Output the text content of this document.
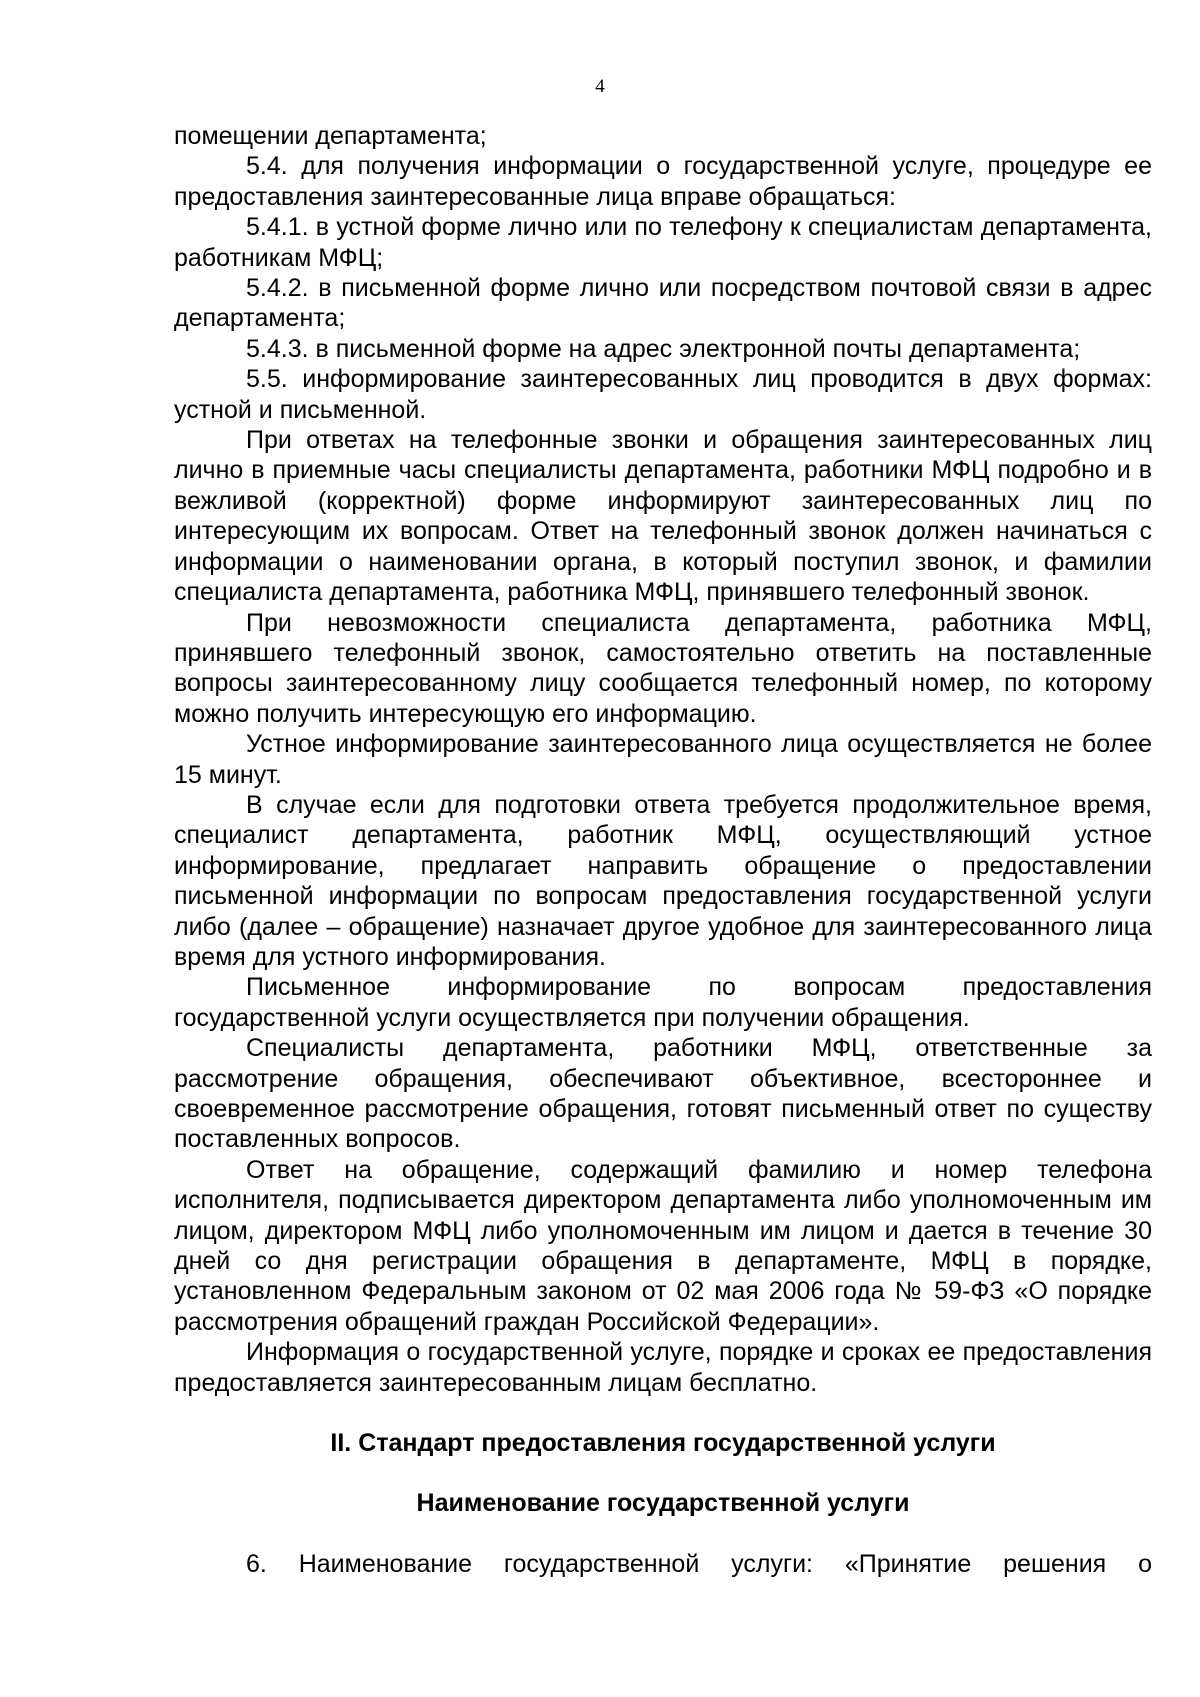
4

помещении департамента;

5.4. для получения информации о государственной услуге, процедуре ее предоставления заинтересованные лица вправе обращаться:

5.4.1. в устной форме лично или по телефону к специалистам департамента, работникам МФЦ;

5.4.2. в письменной форме лично или посредством почтовой связи в адрес департамента;

5.4.3. в письменной форме на адрес электронной почты департамента;

5.5. информирование заинтересованных лиц проводится в двух формах: устной и письменной.

При ответах на телефонные звонки и обращения заинтересованных лиц лично в приемные часы специалисты департамента, работники МФЦ подробно и в вежливой (корректной) форме информируют заинтересованных лиц по интересующим их вопросам. Ответ на телефонный звонок должен начинаться с информации о наименовании органа, в который поступил звонок, и фамилии специалиста департамента, работника МФЦ, принявшего телефонный звонок.

При невозможности специалиста департамента, работника МФЦ, принявшего телефонный звонок, самостоятельно ответить на поставленные вопросы заинтересованному лицу сообщается телефонный номер, по которому можно получить интересующую его информацию.

Устное информирование заинтересованного лица осуществляется не более 15 минут.

В случае если для подготовки ответа требуется продолжительное время, специалист департамента, работник МФЦ, осуществляющий устное информирование, предлагает направить обращение о предоставлении письменной информации по вопросам предоставления государственной услуги либо (далее – обращение) назначает другое удобное для заинтересованного лица время для устного информирования.

Письменное информирование по вопросам предоставления государственной услуги осуществляется при получении обращения.

Специалисты департамента, работники МФЦ, ответственные за рассмотрение обращения, обеспечивают объективное, всестороннее и своевременное рассмотрение обращения, готовят письменный ответ по существу поставленных вопросов.

Ответ на обращение, содержащий фамилию и номер телефона исполнителя, подписывается директором департамента либо уполномоченным им лицом, директором МФЦ либо уполномоченным им лицом и дается в течение 30 дней со дня регистрации обращения в департаменте, МФЦ в порядке, установленном Федеральным законом от 02 мая 2006 года № 59-ФЗ «О порядке рассмотрения обращений граждан Российской Федерации».

Информация о государственной услуге, порядке и сроках ее предоставления предоставляется заинтересованным лицам бесплатно.

II. Стандарт предоставления государственной услуги
Наименование государственной услуги

6. Наименование государственной услуги: «Принятие решения о
